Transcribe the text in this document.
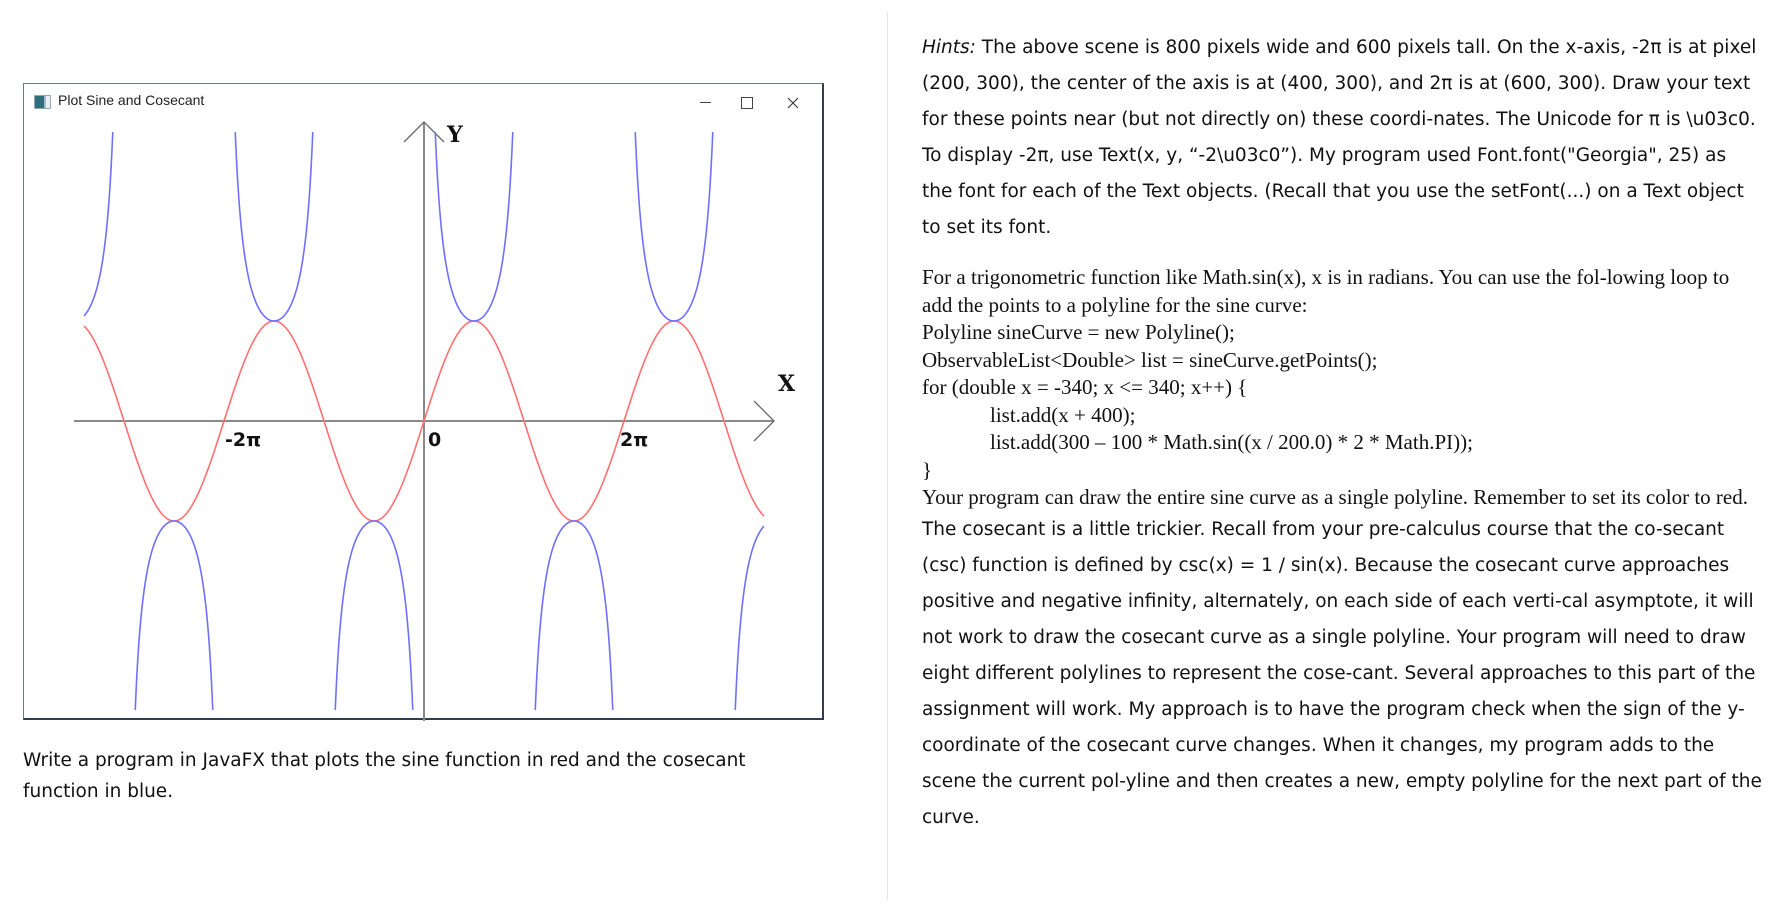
Plot Sine and Cosecant
Y
X
-2π	0	2π
Write a program in JavaFX that plots the sine function in red and the cosecant function in blue.

Hints: The above scene is 800 pixels wide and 600 pixels tall. On the x-axis, -2π is at pixel (200, 300), the center of the axis is at (400, 300), and 2π is at (600, 300). Draw your text for these points near (but not directly on) these coordi-nates. The Unicode for π is \u03c0. To display -2π, use Text(x, y, “-2\u03c0”). My program used Font.font("Georgia", 25) as the font for each of the Text objects. (Recall that you use the setFont(...) on a Text object to set its font.

For a trigonometric function like Math.sin(x), x is in radians. You can use the fol-lowing loop to add the points to a polyline for the sine curve:

Polyline sineCurve = new Polyline();

ObservableList<Double> list = sineCurve.getPoints();

for (double x = -340; x <= 340; x++) {

list.add(x + 400);

list.add(300 – 100 * Math.sin((x / 200.0) * 2 * Math.PI));

}

Your program can draw the entire sine curve as a single polyline. Remember to set its color to red.

The cosecant is a little trickier. Recall from your pre-calculus course that the co-secant (csc) function is defined by csc(x) = 1 / sin(x). Because the cosecant curve approaches positive and negative infinity, alternately, on each side of each verti-cal asymptote, it will not work to draw the cosecant curve as a single polyline. Your program will need to draw eight different polylines to represent the cose-cant. Several approaches to this part of the assignment will work. My approach is to have the program check when the sign of the y-coordinate of the cosecant curve changes. When it changes, my program adds to the scene the current pol-yline and then creates a new, empty polyline for the next part of the curve.
